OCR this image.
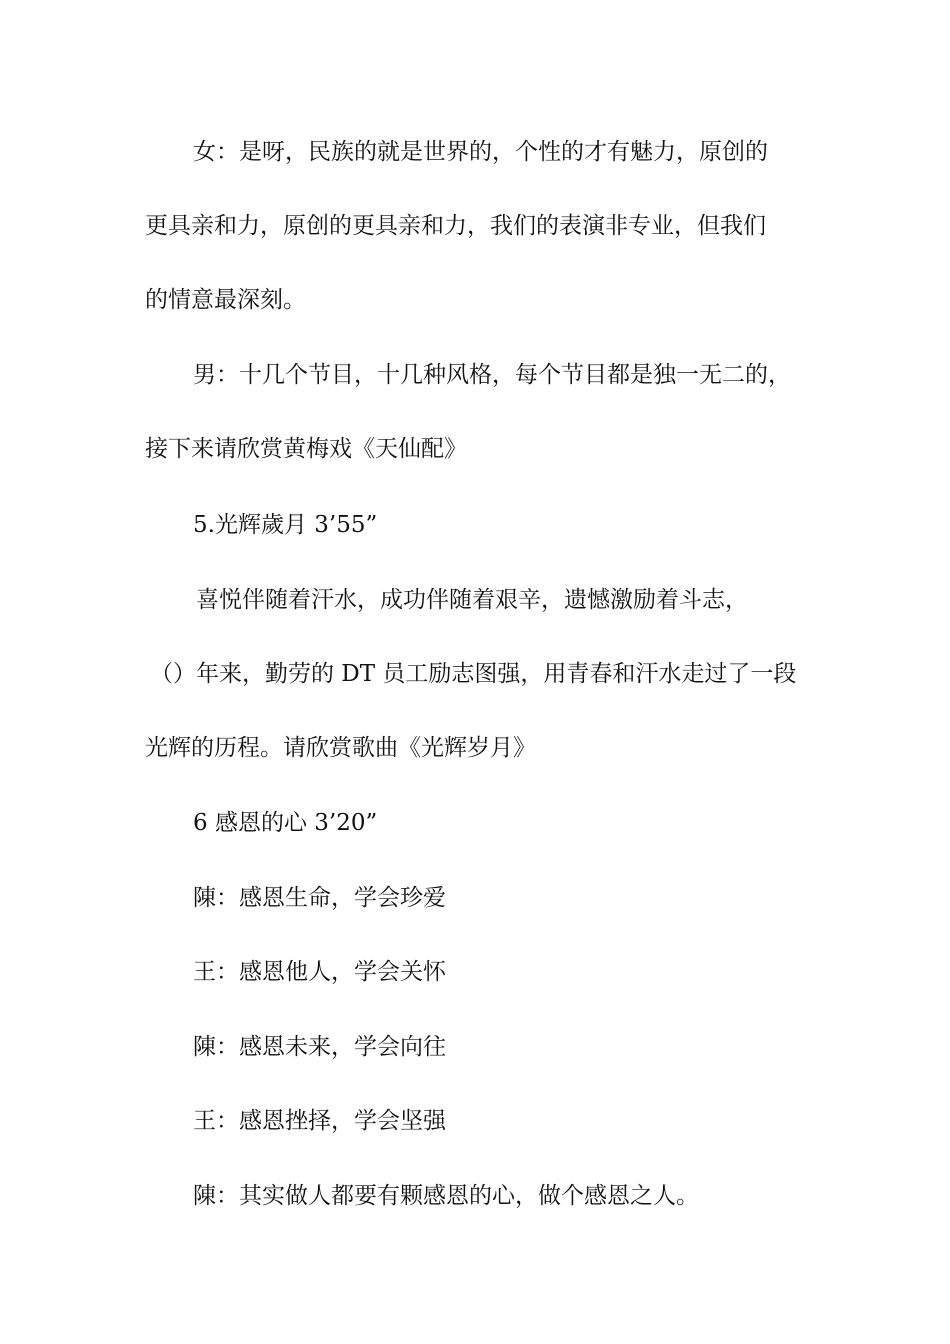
女：是呀，民族的就是世界的，个性的才有魅力，原创的
更具亲和力，原创的更具亲和力，我们的表演非专业，但我们
的情意最深刻。
男：十几个节目，十几种风格，每个节目都是独一无二的，
接下来请欣赏黄梅戏《天仙配》
5.光辉歲月 3’55”
喜悦伴随着汗水，成功伴随着艰辛，遗憾激励着斗志，
（）年来，勤劳的 DT 员工励志图强，用青春和汗水走过了一段
光辉的历程。请欣赏歌曲《光辉岁月》
6 感恩的心 3’20”
陳：感恩生命，学会珍爱
王：感恩他人，学会关怀
陳：感恩未来，学会向往
王：感恩挫择，学会坚强
陳：其实做人都要有颗感恩的心，做个感恩之人。
